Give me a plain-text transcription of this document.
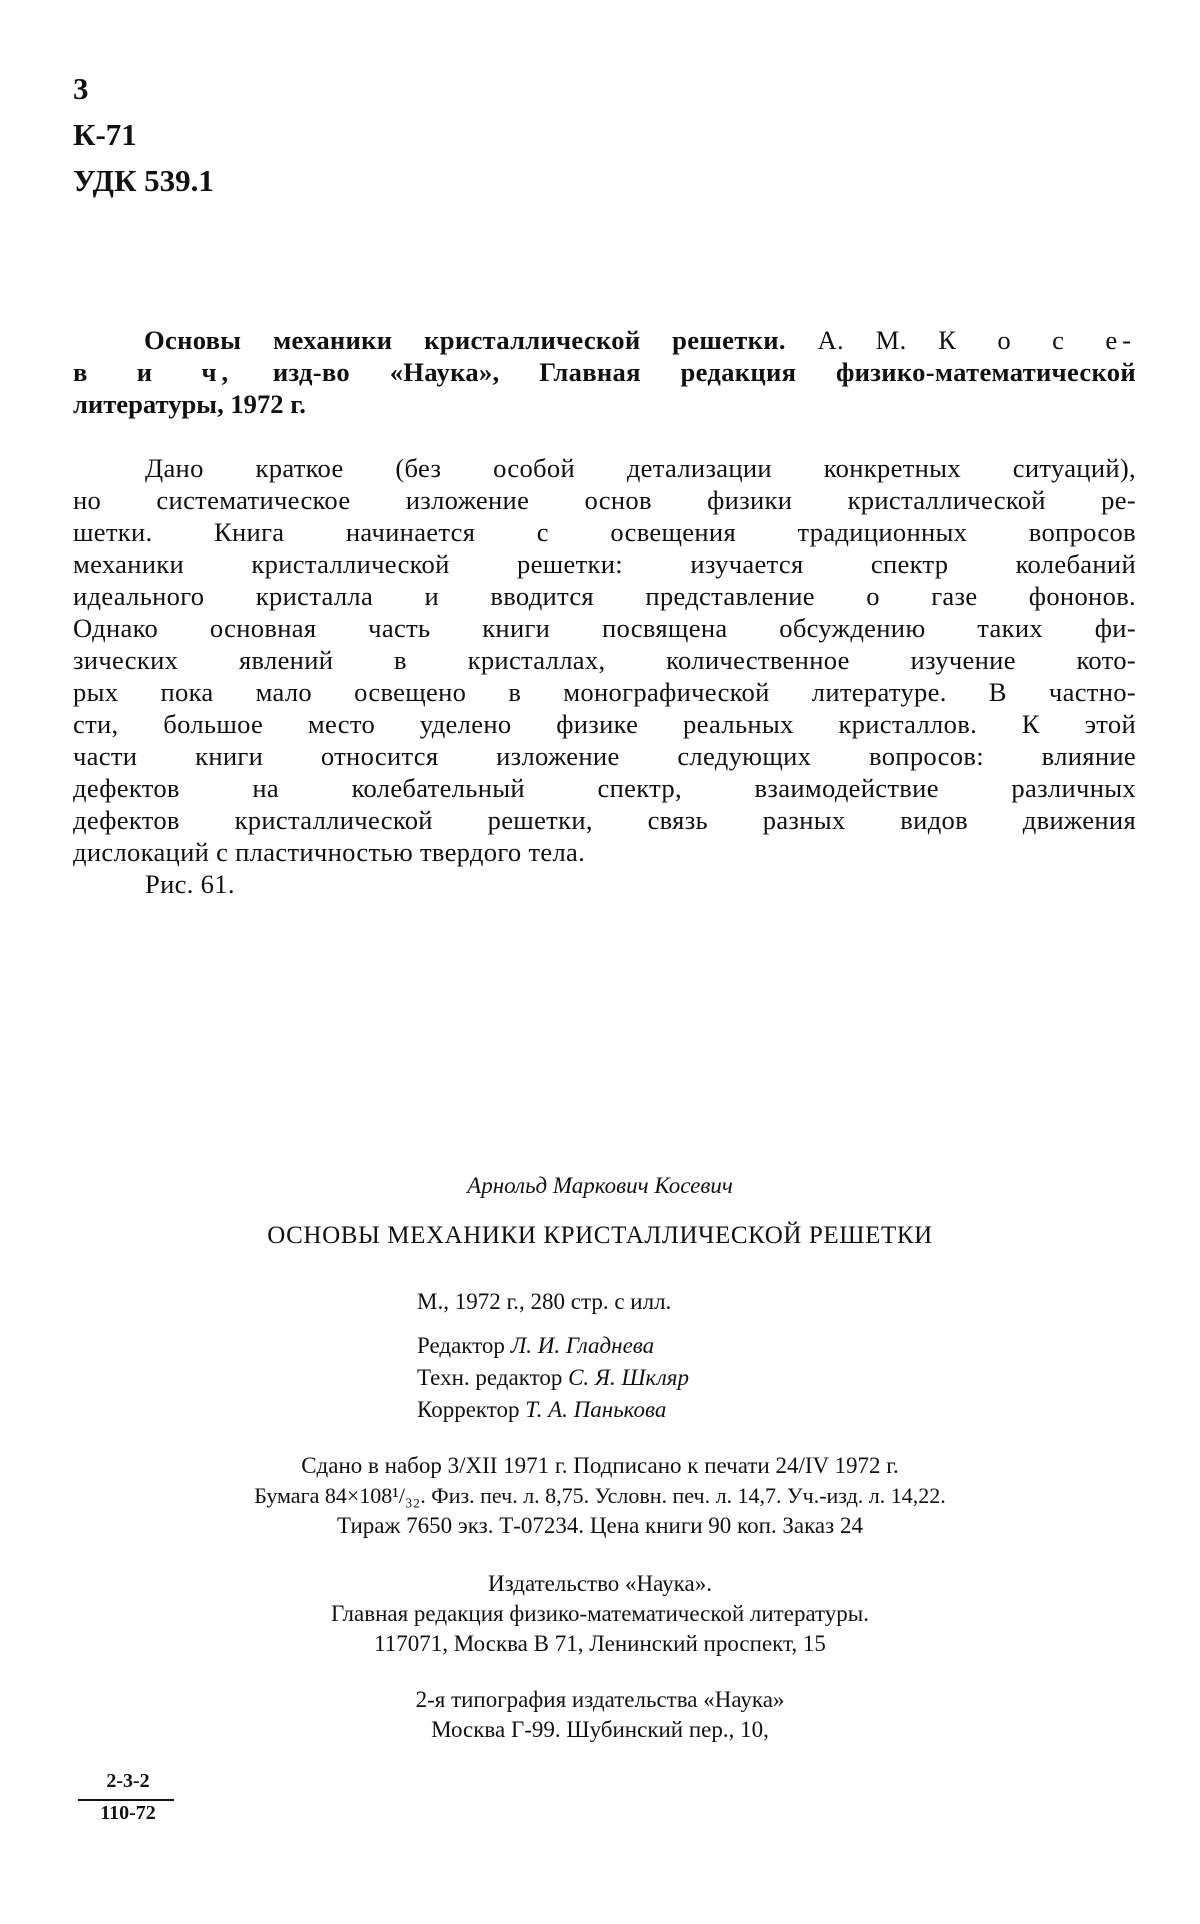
3
К-71
УДК 539.1
Основы механики кристаллической решетки. А. М. К о с е-
в и ч, изд-во «Наука», Главная редакция физико-математической
литературы, 1972 г.
Дано краткое (без особой детализации конкретных ситуаций),
но систематическое изложение основ физики кристаллической ре-
шетки. Книга начинается с освещения традиционных вопросов
механики кристаллической решетки: изучается спектр колебаний
идеального кристалла и вводится представление о газе фононов.
Однако основная часть книги посвящена обсуждению таких фи-
зических явлений в кристаллах, количественное изучение кото-
рых пока мало освещено в монографической литературе. В частно-
сти, большое место уделено физике реальных кристаллов. К этой
части книги относится изложение следующих вопросов: влияние
дефектов на колебательный спектр, взаимодействие различных
дефектов кристаллической решетки, связь разных видов движения
дислокаций с пластичностью твердого тела.
Рис. 61.
Арнольд Маркович Косевич
ОСНОВЫ МЕХАНИКИ КРИСТАЛЛИЧЕСКОЙ РЕШЕТКИ
М., 1972 г., 280 стр. с илл.
Редактор Л. И. Гладнева
Техн. редактор С. Я. Шкляр
Корректор Т. А. Панькова
Сдано в набор 3/XII 1971 г. Подписано к печати 24/IV 1972 г.
Бумага 84×108¹/₃₂. Физ. печ. л. 8,75. Условн. печ. л. 14,7. Уч.-изд. л. 14,22.
Тираж 7650 экз. Т-07234. Цена книги 90 коп. Заказ 24
Издательство «Наука».
Главная редакция физико-математической литературы.
117071, Москва В 71, Ленинский проспект, 15
2-я типография издательства «Наука»
Москва Г-99. Шубинский пер., 10,
2-3-2
110-72
